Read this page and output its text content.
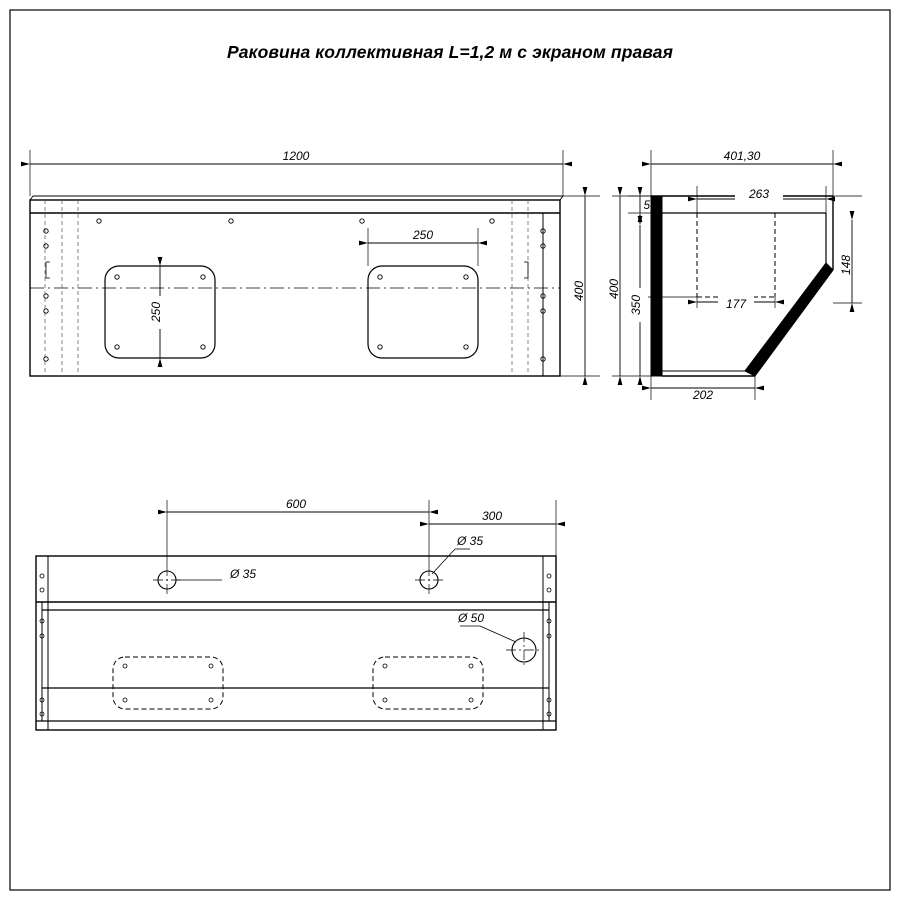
Раковина коллективная L=1,2 м с экраном правая
1200
400
250
250
401,30
263
50
400
350	177
148
202
Ø 35
Ø 35
Ø 50
600
300
